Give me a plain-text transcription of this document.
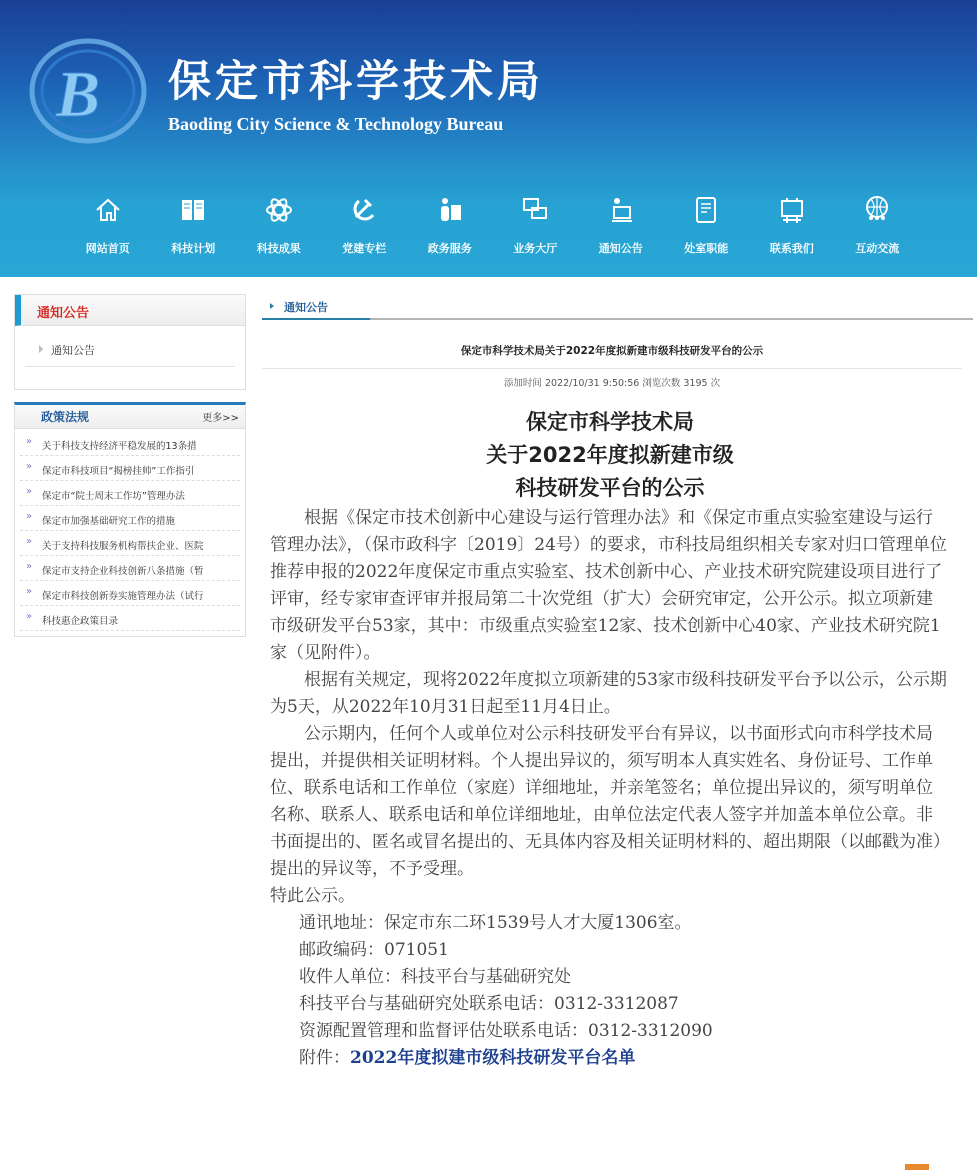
B 保定市科学技术局
Baoding City Science & Technology Bureau
网站首页	科技计划	科技成果	党建专栏	政务服务	业务大厅	通知公告	处室职能	联系我们	互动交流
通知公告
通知公告
政策法规	更多>>
» 关于科技支持经济平稳发展的13条措
» 保定市科技项目“揭榜挂帅”工作指引
» 保定市“院士周末工作坊”管理办法
» 保定市加强基础研究工作的措施
» 关于支持科技服务机构帮扶企业、医院
» 保定市支持企业科技创新八条措施（暂
» 保定市科技创新券实施管理办法（试行
» 科技惠企政策目录
通知公告
保定市科学技术局关于2022年度拟新建市级科技研发平台的公示
添加时间 2022/10/31 9:50:56 浏览次数 3195 次
保定市科学技术局
关于2022年度拟新建市级
科技研发平台的公示

根据《保定市技术创新中心建设与运行管理办法》和《保定市重点实验室建设与运行管理办法》，（保市政科字〔2019〕24号）的要求，市科技局组织相关专家对归口管理单位推荐申报的2022年度保定市重点实验室、技术创新中心、产业技术研究院建设项目进行了评审，经专家审查评审并报局第二十次党组（扩大）会研究审定，公开公示。拟立项新建市级研发平台53家，其中：市级重点实验室12家、技术创新中心40家、产业技术研究院1家（见附件）。

根据有关规定，现将2022年度拟立项新建的53家市级科技研发平台予以公示，公示期为5天，从2022年10月31日起至11月4日止。

公示期内，任何个人或单位对公示科技研发平台有异议，以书面形式向市科学技术局提出，并提供相关证明材料。个人提出异议的，须写明本人真实姓名、身份证号、工作单位、联系电话和工作单位（家庭）详细地址，并亲笔签名；单位提出异议的，须写明单位名称、联系人、联系电话和单位详细地址，由单位法定代表人签字并加盖本单位公章。非书面提出的、匿名或冒名提出的、无具体内容及相关证明材料的、超出期限（以邮戳为准）提出的异议等，不予受理。

特此公示。

通讯地址：保定市东二环1539号人才大厦1306室。

邮政编码：071051

收件人单位：科技平台与基础研究处

科技平台与基础研究处联系电话：0312-3312087

资源配置管理和监督评估处联系电话：0312-3312090

附件：2022年度拟建市级科技研发平台名单
